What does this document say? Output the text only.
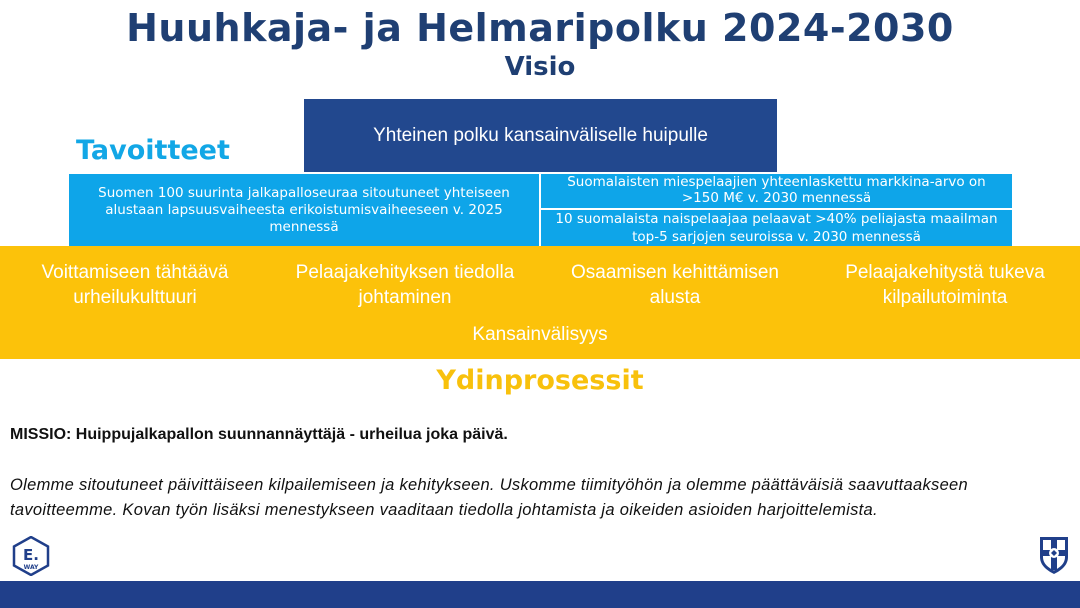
Huuhkaja- ja Helmaripolku 2024-2030
Visio
Yhteinen polku kansainväliselle huipulle
Tavoitteet
Suomen 100 suurinta jalkapalloseuraa sitoutuneet yhteiseen alustaan lapsuusvaiheesta erikoistumisvaiheeseen v. 2025 mennessä
Suomalaisten miespelaajien yhteenlaskettu markkina-arvo on >150 M€ v. 2030 mennessä
10 suomalaista naispelaajaa pelaavat >40% peliajasta maailman top-5 sarjojen seuroissa v. 2030 mennessä
Voittamiseen tähtäävä urheilukulttuuri
Pelaajakehityksen tiedolla johtaminen
Osaamisen kehittämisen alusta
Pelaajakehitystä tukeva kilpailutoiminta
Kansainvälisyys
Ydinprosessit
MISSIO: Huippujalkapallon suunnannäyttäjä - urheilua joka päivä.
Olemme sitoutuneet päivittäiseen kilpailemiseen ja kehitykseen. Uskomme tiimityöhön ja olemme päättäväisiä saavuttaakseen tavoitteemme. Kovan työn lisäksi menestykseen vaaditaan tiedolla johtamista ja oikeiden asioiden harjoittelemista.
E.
WAY
